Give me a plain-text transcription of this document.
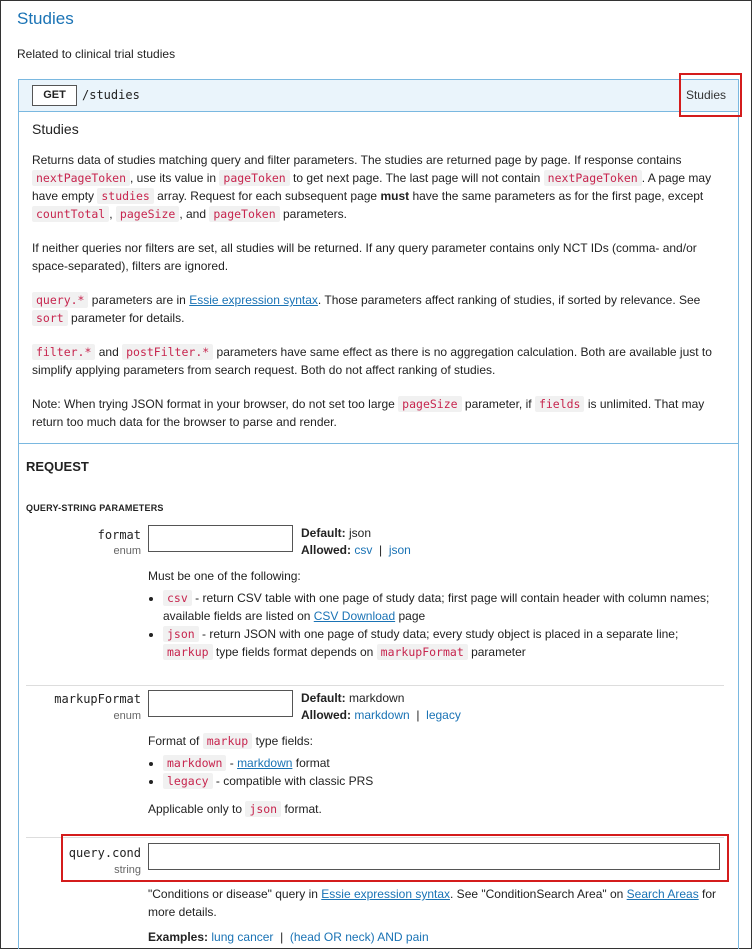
Studies
Related to clinical trial studies
GET	/studies	Studies
Studies
Returns data of studies matching query and filter parameters. The studies are returned page by page. If response contains nextPageToken , use its value in pageToken to get next page. The last page will not contain nextPageToken . A page may have empty studies array. Request for each subsequent page must have the same parameters as for the first page, except countTotal , pageSize , and pageToken parameters.
If neither queries nor filters are set, all studies will be returned. If any query parameter contains only NCT IDs (comma- and/or space-separated), filters are ignored.
query.* parameters are in Essie expression syntax. Those parameters affect ranking of studies, if sorted by relevance. See sort parameter for details.
filter.* and postFilter.* parameters have same effect as there is no aggregation calculation. Both are available just to simplify applying parameters from search request. Both do not affect ranking of studies.
Note: When trying JSON format in your browser, do not set too large pageSize parameter, if fields is unlimited. That may return too much data for the browser to parse and render.
REQUEST
QUERY-STRING PARAMETERS
format
enum
Default: json
Allowed: csv | json
Must be one of the following:
• csv - return CSV table with one page of study data; first page will contain header with column names; available fields are listed on CSV Download page
• json - return JSON with one page of study data; every study object is placed in a separate line; markup type fields format depends on markupFormat parameter
markupFormat
enum
Default: markdown
Allowed: markdown | legacy
Format of markup type fields:
• markdown - markdown format
• legacy - compatible with classic PRS
Applicable only to json format.
query.cond
string
"Conditions or disease" query in Essie expression syntax. See "ConditionSearch Area" on Search Areas for more details.
Examples: lung cancer | (head OR neck) AND pain
